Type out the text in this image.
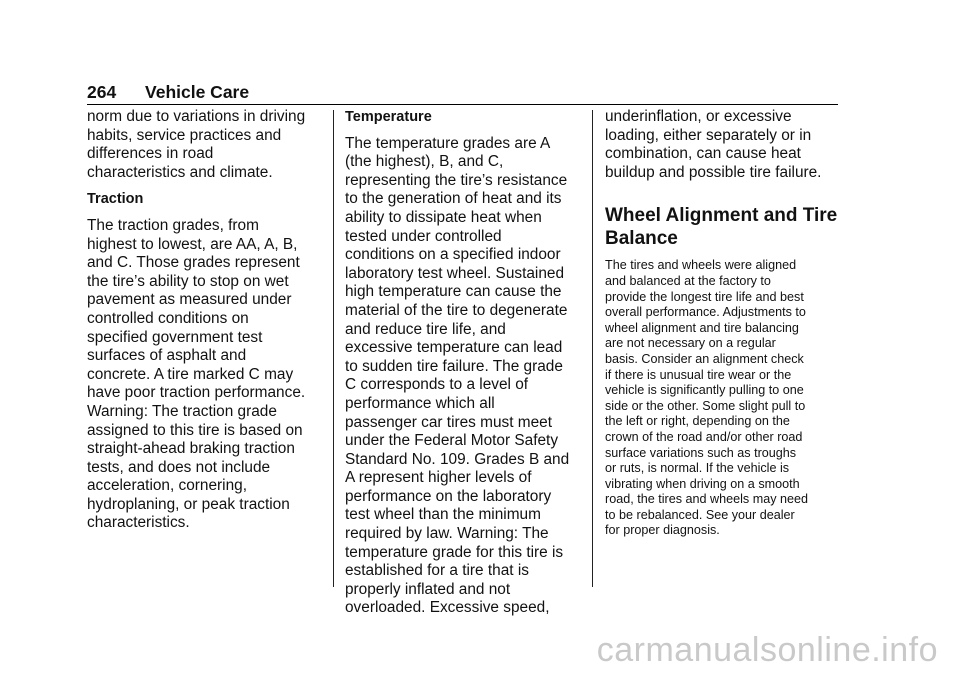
264 Vehicle Care

norm due to variations in driving
habits, service practices and
differences in road
characteristics and climate.

Traction

The traction grades, from
highest to lowest, are AA, A, B,
and C. Those grades represent
the tire’s ability to stop on wet
pavement as measured under
controlled conditions on
specified government test
surfaces of asphalt and
concrete. A tire marked C may
have poor traction performance.
Warning: The traction grade
assigned to this tire is based on
straight-ahead braking traction
tests, and does not include
acceleration, cornering,
hydroplaning, or peak traction
characteristics.

Temperature

The temperature grades are A
(the highest), B, and C,
representing the tire’s resistance
to the generation of heat and its
ability to dissipate heat when
tested under controlled
conditions on a specified indoor
laboratory test wheel. Sustained
high temperature can cause the
material of the tire to degenerate
and reduce tire life, and
excessive temperature can lead
to sudden tire failure. The grade
C corresponds to a level of
performance which all
passenger car tires must meet
under the Federal Motor Safety
Standard No. 109. Grades B and
A represent higher levels of
performance on the laboratory
test wheel than the minimum
required by law. Warning: The
temperature grade for this tire is
established for a tire that is
properly inflated and not
overloaded. Excessive speed,

underinflation, or excessive
loading, either separately or in
combination, can cause heat
buildup and possible tire failure.

Wheel Alignment and Tire
Balance

The tires and wheels were aligned
and balanced at the factory to
provide the longest tire life and best
overall performance. Adjustments to
wheel alignment and tire balancing
are not necessary on a regular
basis. Consider an alignment check
if there is unusual tire wear or the
vehicle is significantly pulling to one
side or the other. Some slight pull to
the left or right, depending on the
crown of the road and/or other road
surface variations such as troughs
or ruts, is normal. If the vehicle is
vibrating when driving on a smooth
road, the tires and wheels may need
to be rebalanced. See your dealer
for proper diagnosis.

carmanualsonline.info
